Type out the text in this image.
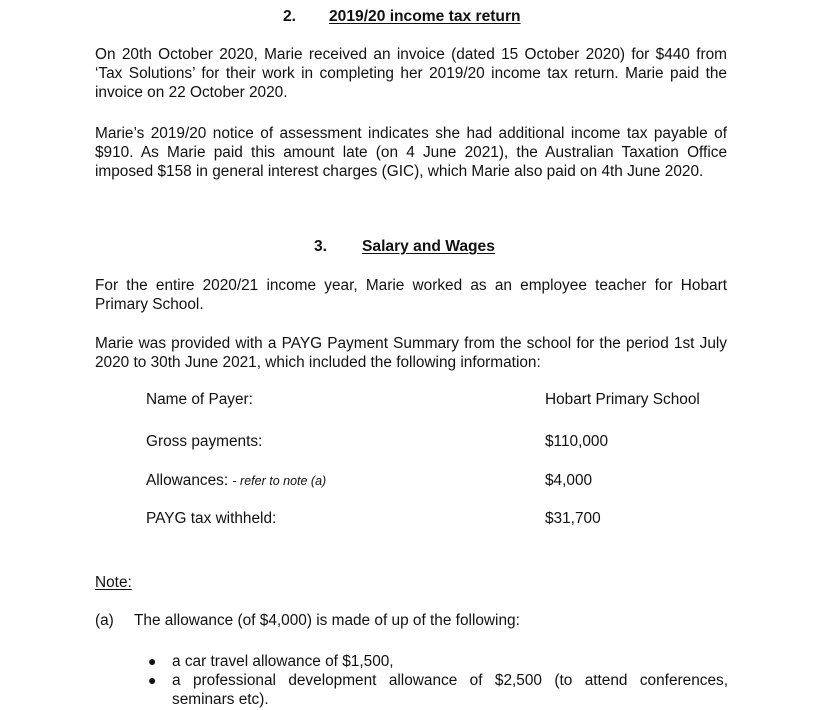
2. 2019/20 income tax return
On 20th October 2020, Marie received an invoice (dated 15 October 2020) for $440 from ‘Tax Solutions’ for their work in completing her 2019/20 income tax return. Marie paid the invoice on 22 October 2020.
Marie’s 2019/20 notice of assessment indicates she had additional income tax payable of $910. As Marie paid this amount late (on 4 June 2021), the Australian Taxation Office imposed $158 in general interest charges (GIC), which Marie also paid on 4th June 2020.
3. Salary and Wages
For the entire 2020/21 income year, Marie worked as an employee teacher for Hobart Primary School.
Marie was provided with a PAYG Payment Summary from the school for the period 1st July 2020 to 30th June 2021, which included the following information:
Name of Payer:	Hobart Primary School
Gross payments:	$110,000
Allowances: - refer to note (a)	$4,000
PAYG tax withheld:	$31,700
Note:
(a) The allowance (of $4,000) is made of up of the following:
● a car travel allowance of $1,500,
● a professional development allowance of $2,500 (to attend conferences, seminars etc).
